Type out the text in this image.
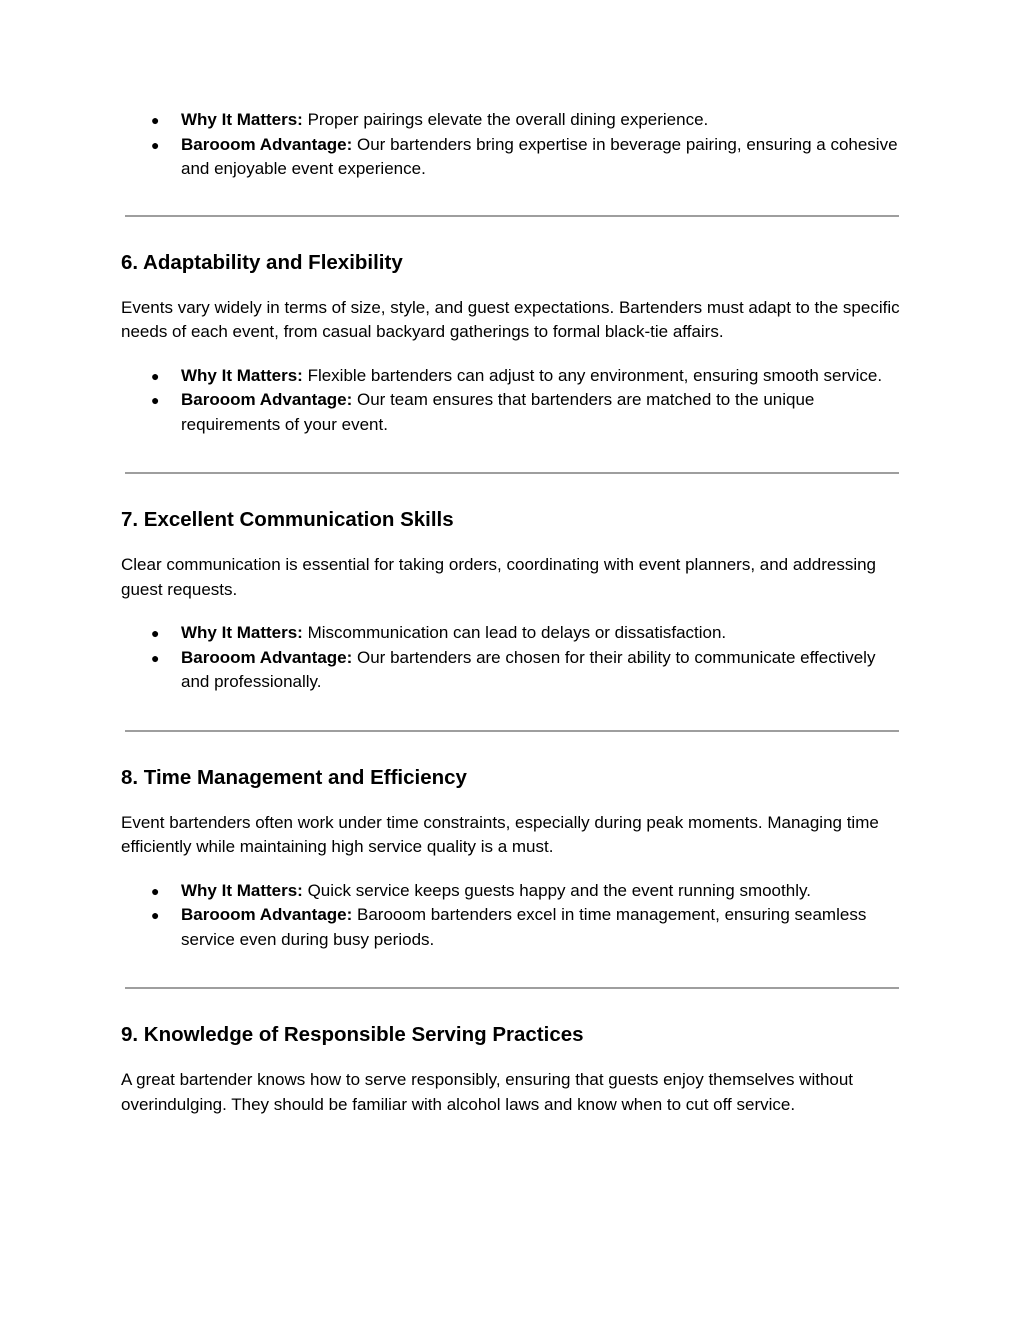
● Why It Matters: Proper pairings elevate the overall dining experience.
● Barooom Advantage: Our bartenders bring expertise in beverage pairing, ensuring a cohesive and enjoyable event experience.
6. Adaptability and Flexibility

Events vary widely in terms of size, style, and guest expectations. Bartenders must adapt to the specific needs of each event, from casual backyard gatherings to formal black-tie affairs.

● Why It Matters: Flexible bartenders can adjust to any environment, ensuring smooth service.
● Barooom Advantage: Our team ensures that bartenders are matched to the unique requirements of your event.
7. Excellent Communication Skills

Clear communication is essential for taking orders, coordinating with event planners, and addressing guest requests.

● Why It Matters: Miscommunication can lead to delays or dissatisfaction.
● Barooom Advantage: Our bartenders are chosen for their ability to communicate effectively and professionally.
8. Time Management and Efficiency

Event bartenders often work under time constraints, especially during peak moments. Managing time efficiently while maintaining high service quality is a must.

● Why It Matters: Quick service keeps guests happy and the event running smoothly.
● Barooom Advantage: Barooom bartenders excel in time management, ensuring seamless service even during busy periods.
9. Knowledge of Responsible Serving Practices

A great bartender knows how to serve responsibly, ensuring that guests enjoy themselves without overindulging. They should be familiar with alcohol laws and know when to cut off service.
